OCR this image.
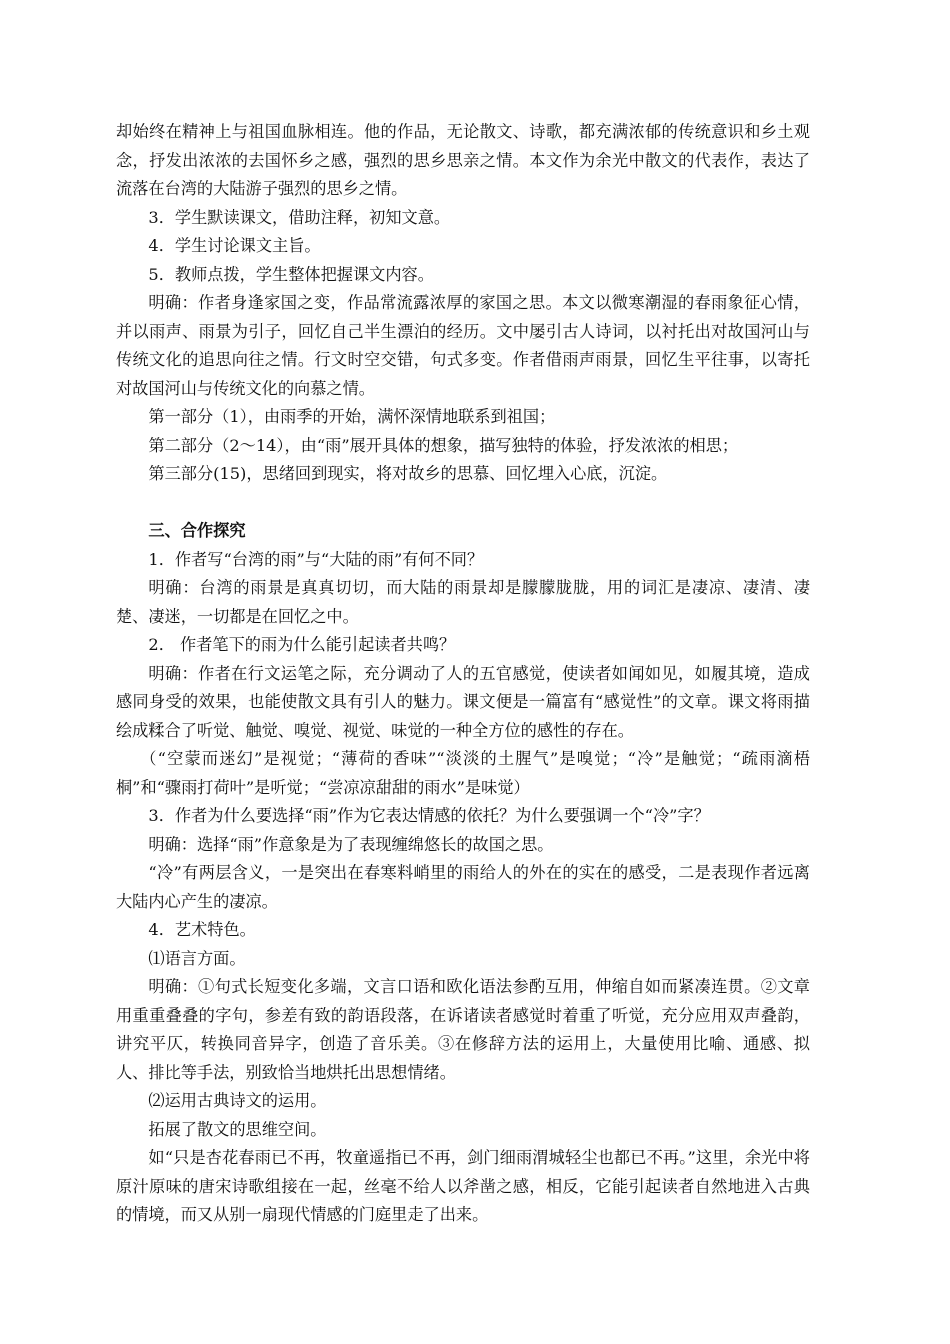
却始终在精神上与祖国血脉相连。他的作品，无论散文、诗歌，都充满浓郁的传统意识和乡土观念，抒发出浓浓的去国怀乡之感，强烈的思乡思亲之情。本文作为余光中散文的代表作，表达了流落在台湾的大陆游子强烈的思乡之情。

3．学生默读课文，借助注释，初知文意。

4．学生讨论课文主旨。

5．教师点拨，学生整体把握课文内容。

明确：作者身逢家国之变，作品常流露浓厚的家国之思。本文以微寒潮湿的春雨象征心情，并以雨声、雨景为引子，回忆自己半生漂泊的经历。文中屡引古人诗词，以衬托出对故国河山与传统文化的追思向往之情。行文时空交错，句式多变。作者借雨声雨景，回忆生平往事，以寄托对故国河山与传统文化的向慕之情。

第一部分（1），由雨季的开始，满怀深情地联系到祖国；

第二部分（2～14），由“雨”展开具体的想象，描写独特的体验，抒发浓浓的相思；

第三部分(15)，思绪回到现实，将对故乡的思慕、回忆埋入心底，沉淀。

三、合作探究

1．作者写“台湾的雨”与“大陆的雨”有何不同？

明确：台湾的雨景是真真切切，而大陆的雨景却是朦朦胧胧，用的词汇是凄凉、凄清、凄楚、凄迷，一切都是在回忆之中。

2． 作者笔下的雨为什么能引起读者共鸣？

明确：作者在行文运笔之际，充分调动了人的五官感觉，使读者如闻如见，如履其境，造成感同身受的效果，也能使散文具有引人的魅力。课文便是一篇富有“感觉性”的文章。课文将雨描绘成糅合了听觉、触觉、嗅觉、视觉、味觉的一种全方位的感性的存在。

（“空蒙而迷幻”是视觉；“薄荷的香味”“淡淡的土腥气”是嗅觉；“冷”是触觉；“疏雨滴梧桐”和“骤雨打荷叶”是听觉；“尝凉凉甜甜的雨水”是味觉）

3．作者为什么要选择“雨”作为它表达情感的依托？为什么要强调一个“冷”字？

明确：选择“雨”作意象是为了表现缠绵悠长的故国之思。

“冷”有两层含义，一是突出在春寒料峭里的雨给人的外在的实在的感受，二是表现作者远离大陆内心产生的凄凉。

4．艺术特色。

⑴语言方面。

明确：①句式长短变化多端，文言口语和欧化语法参酌互用，伸缩自如而紧凑连贯。②文章用重重叠叠的字句，参差有致的韵语段落，在诉诸读者感觉时着重了听觉，充分应用双声叠韵，讲究平仄，转换同音异字，创造了音乐美。③在修辞方法的运用上，大量使用比喻、通感、拟人、排比等手法，别致恰当地烘托出思想情绪。

⑵运用古典诗文的运用。

拓展了散文的思维空间。

如“只是杏花春雨已不再，牧童遥指已不再，剑门细雨渭城轻尘也都已不再。”这里，余光中将原汁原味的唐宋诗歌组接在一起，丝毫不给人以斧凿之感，相反，它能引起读者自然地进入古典的情境，而又从别一扇现代情感的门庭里走了出来。
